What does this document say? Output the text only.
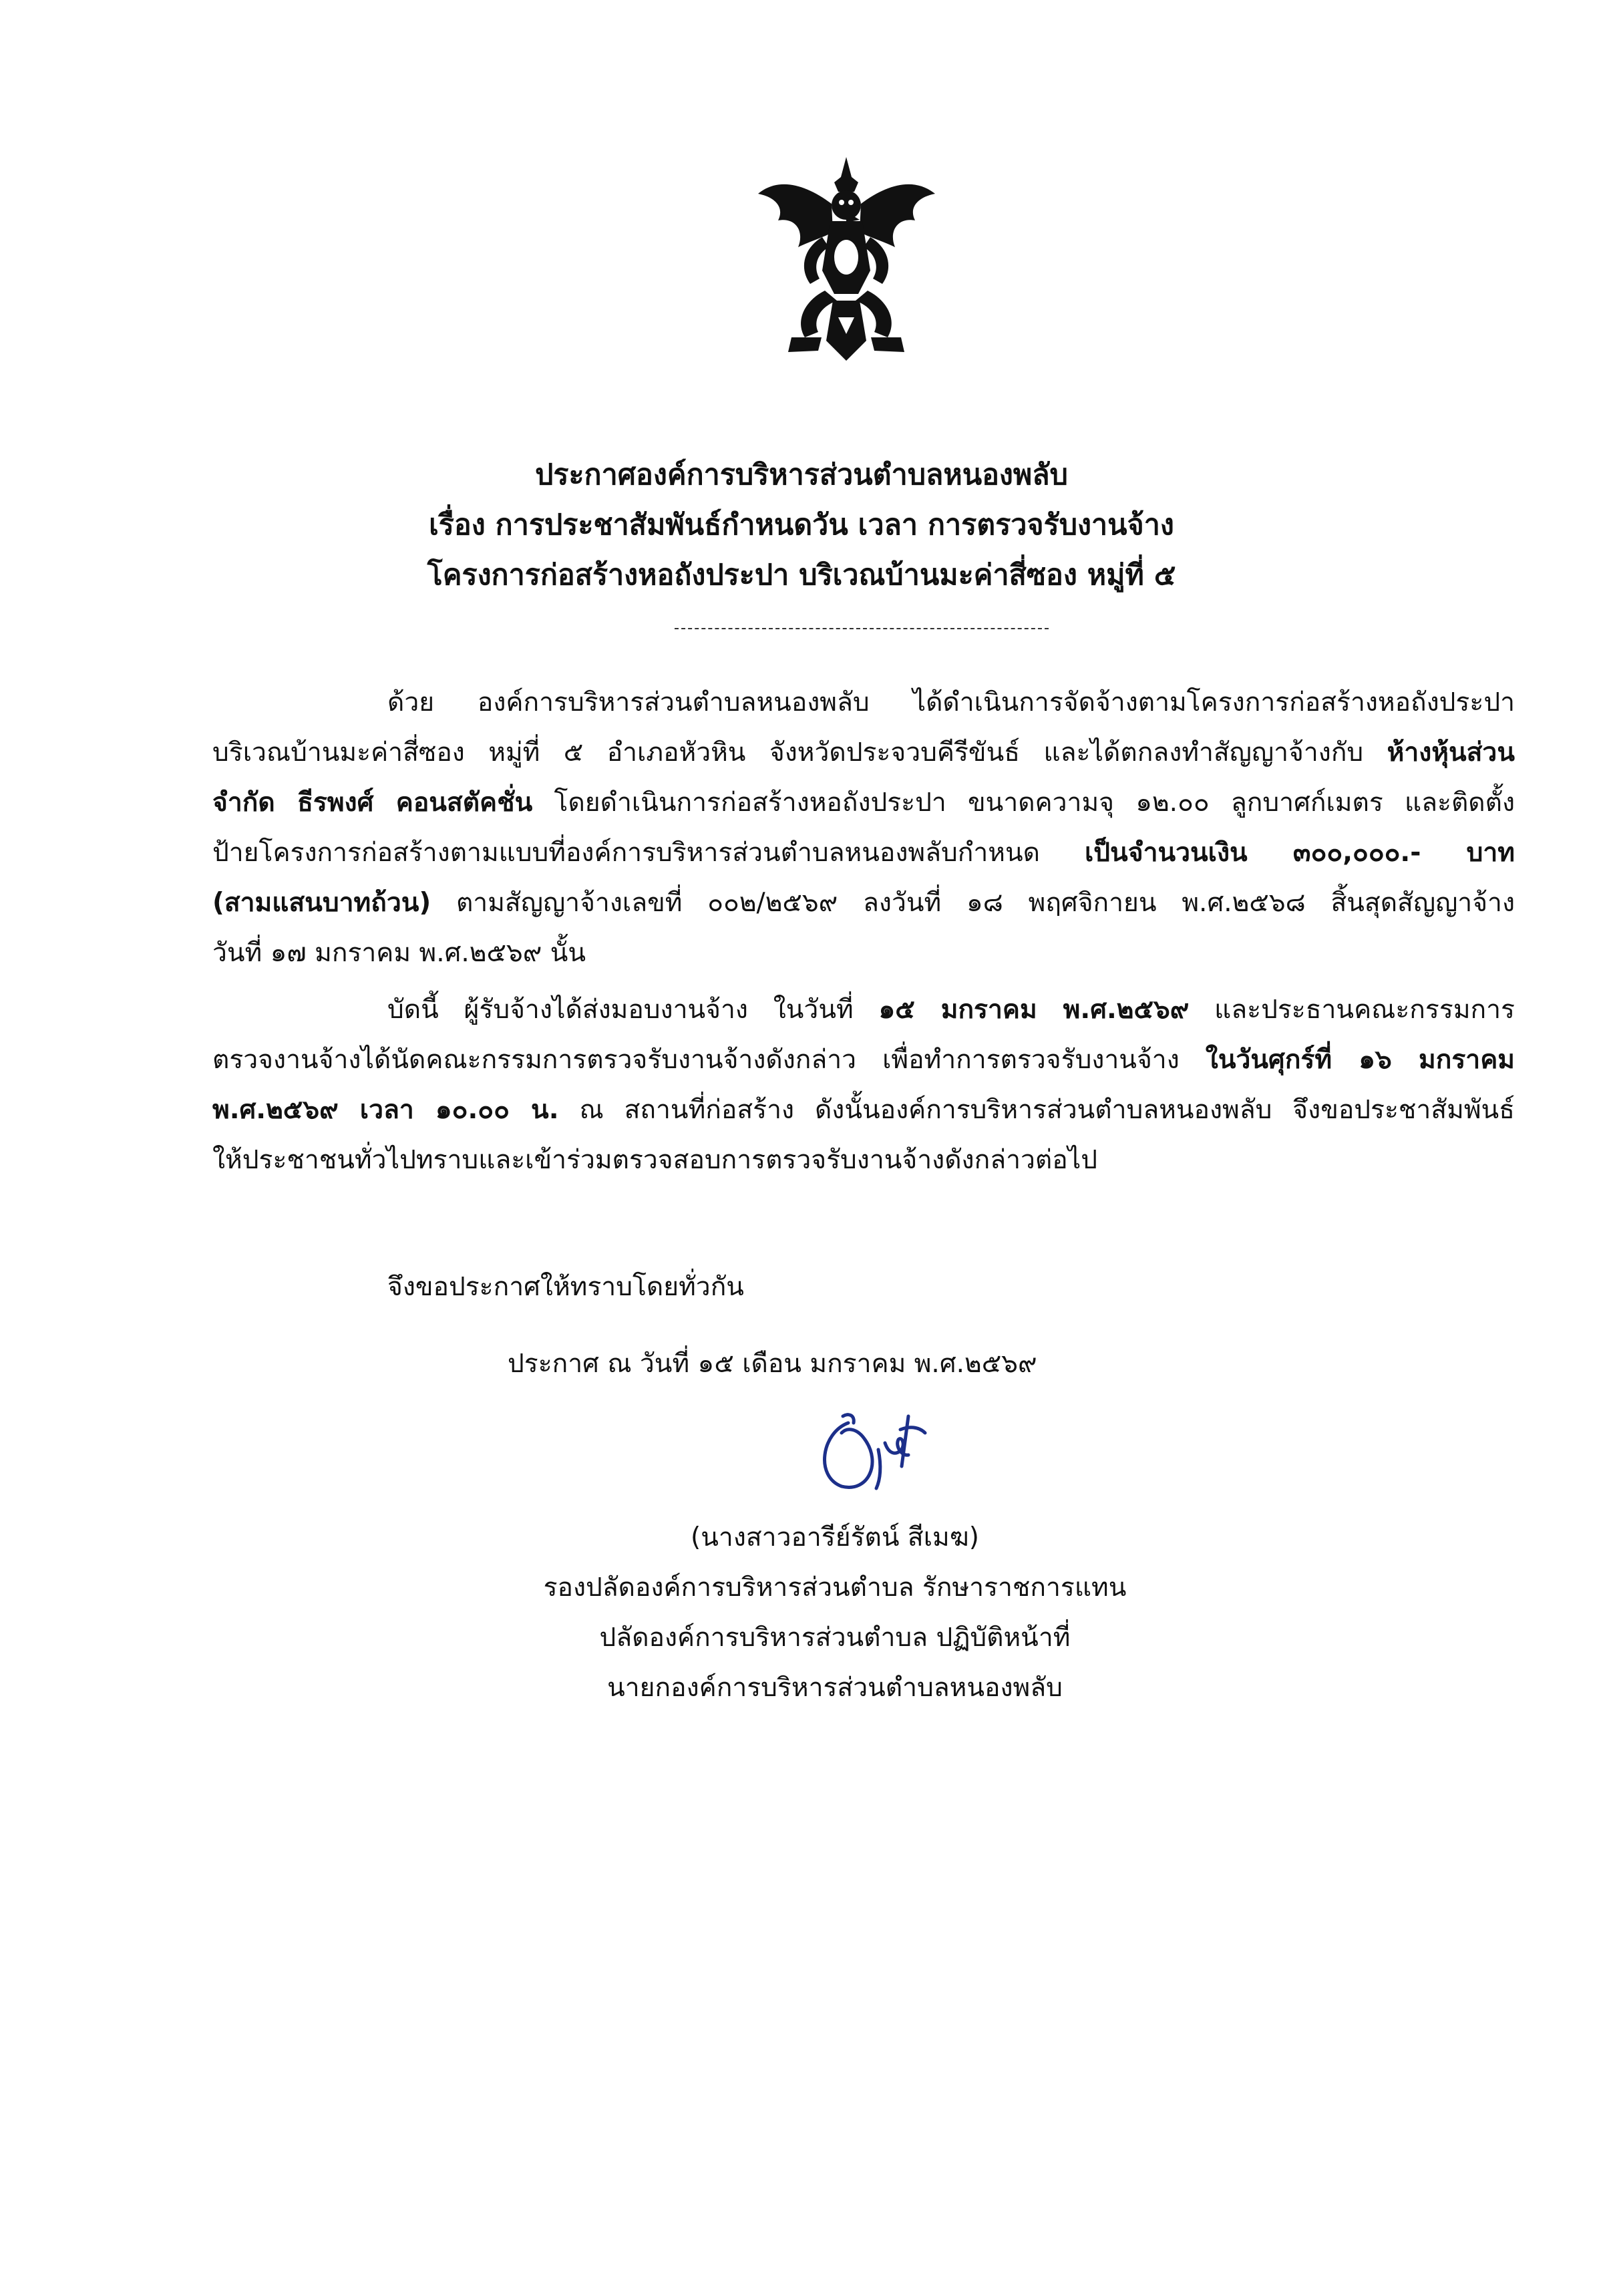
ประกาศองค์การบริหารส่วนตำบลหนองพลับ
เรื่อง การประชาสัมพันธ์กำหนดวัน เวลา การตรวจรับงานจ้าง
โครงการก่อสร้างหอถังประปา บริเวณบ้านมะค่าสี่ซอง หมู่ที่ ๕
ด้วย องค์การบริหารส่วนตำบลหนองพลับ ได้ดำเนินการจัดจ้างตามโครงการก่อสร้างหอถังประปา
บริเวณบ้านมะค่าสี่ซอง หมู่ที่ ๕ อำเภอหัวหิน จังหวัดประจวบคีรีขันธ์ และได้ตกลงทำสัญญาจ้างกับ ห้างหุ้นส่วน
จำกัด ธีรพงศ์ คอนสตัคชั่น โดยดำเนินการก่อสร้างหอถังประปา ขนาดความจุ ๑๒.๐๐ ลูกบาศก์เมตร และติดตั้ง
ป้ายโครงการก่อสร้างตามแบบที่องค์การบริหารส่วนตำบลหนองพลับกำหนด เป็นจำนวนเงิน ๓๐๐,๐๐๐.- บาท
(สามแสนบาทถ้วน) ตามสัญญาจ้างเลขที่ ๐๐๒/๒๕๖๙ ลงวันที่ ๑๘ พฤศจิกายน พ.ศ.๒๕๖๘ สิ้นสุดสัญญาจ้าง
วันที่ ๑๗ มกราคม พ.ศ.๒๕๖๙ นั้น
บัดนี้ ผู้รับจ้างได้ส่งมอบงานจ้าง ในวันที่ ๑๕ มกราคม พ.ศ.๒๕๖๙ และประธานคณะกรรมการ
ตรวจงานจ้างได้นัดคณะกรรมการตรวจรับงานจ้างดังกล่าว เพื่อทำการตรวจรับงานจ้าง ในวันศุกร์ที่ ๑๖ มกราคม
พ.ศ.๒๕๖๙ เวลา ๑๐.๐๐ น. ณ สถานที่ก่อสร้าง ดังนั้นองค์การบริหารส่วนตำบลหนองพลับ จึงขอประชาสัมพันธ์
ให้ประชาชนทั่วไปทราบและเข้าร่วมตรวจสอบการตรวจรับงานจ้างดังกล่าวต่อไป
จึงขอประกาศให้ทราบโดยทั่วกัน
ประกาศ ณ วันที่ ๑๕ เดือน มกราคม พ.ศ.๒๕๖๙
(นางสาวอารีย์รัตน์ สีเมฆ)
รองปลัดองค์การบริหารส่วนตำบล รักษาราชการแทน
ปลัดองค์การบริหารส่วนตำบล ปฏิบัติหน้าที่
นายกองค์การบริหารส่วนตำบลหนองพลับ
